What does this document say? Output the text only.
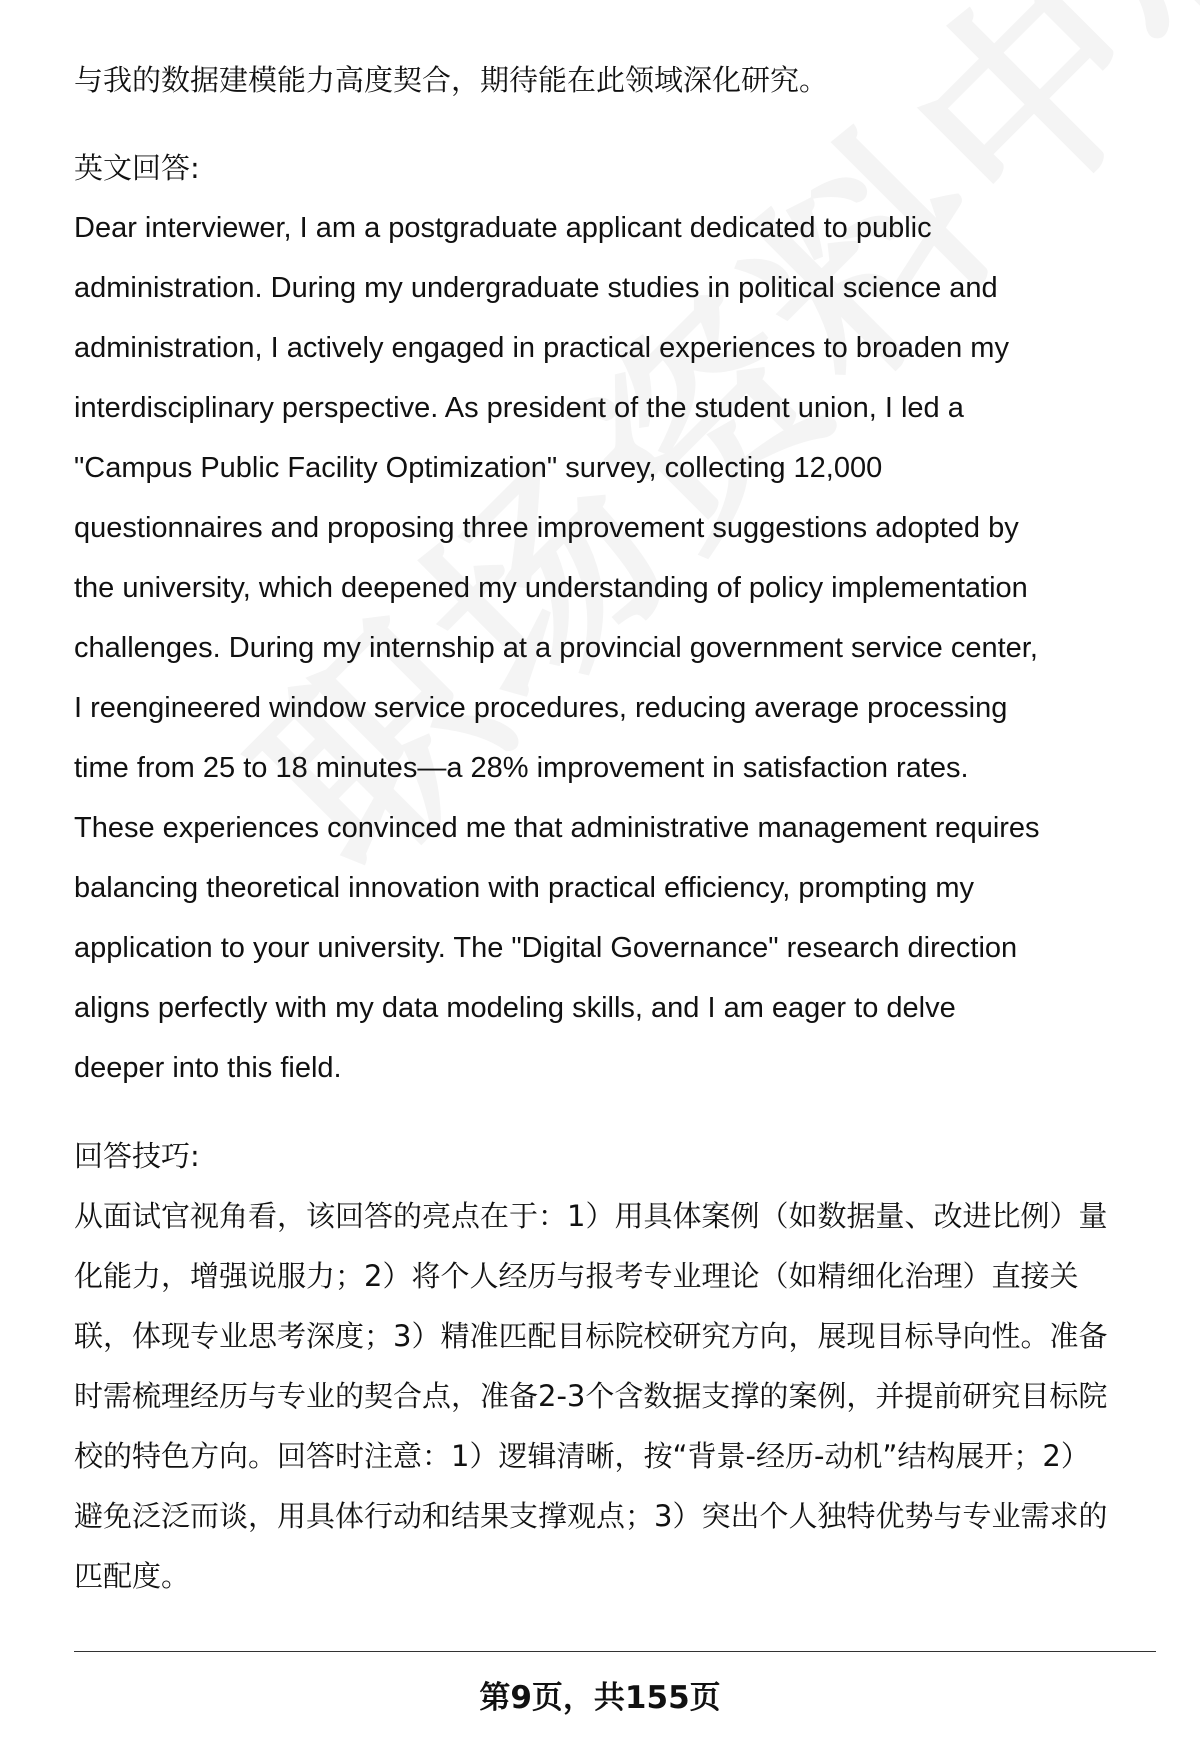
与我的数据建模能力高度契合，期待能在此领域深化研究。

英文回答:

Dear interviewer, I am a postgraduate applicant dedicated to public
administration. During my undergraduate studies in political science and
administration, I actively engaged in practical experiences to broaden my
interdisciplinary perspective. As president of the student union, I led a
"Campus Public Facility Optimization" survey, collecting 12,000
questionnaires and proposing three improvement suggestions adopted by
the university, which deepened my understanding of policy implementation
challenges. During my internship at a provincial government service center,
I reengineered window service procedures, reducing average processing
time from 25 to 18 minutes—a 28% improvement in satisfaction rates.
These experiences convinced me that administrative management requires
balancing theoretical innovation with practical efficiency, prompting my
application to your university. The "Digital Governance" research direction
aligns perfectly with my data modeling skills, and I am eager to delve
deeper into this field.

回答技巧:

从面试官视角看，该回答的亮点在于：1）用具体案例（如数据量、改进比例）量
化能力，增强说服力；2）将个人经历与报考专业理论（如精细化治理）直接关
联，体现专业思考深度；3）精准匹配目标院校研究方向，展现目标导向性。准备
时需梳理经历与专业的契合点，准备2-3个含数据支撑的案例，并提前研究目标院
校的特色方向。回答时注意：1）逻辑清晰，按“背景-经历-动机”结构展开；2）
避免泛泛而谈，用具体行动和结果支撑观点；3）突出个人独特优势与专业需求的
匹配度。
第9页，共155页
